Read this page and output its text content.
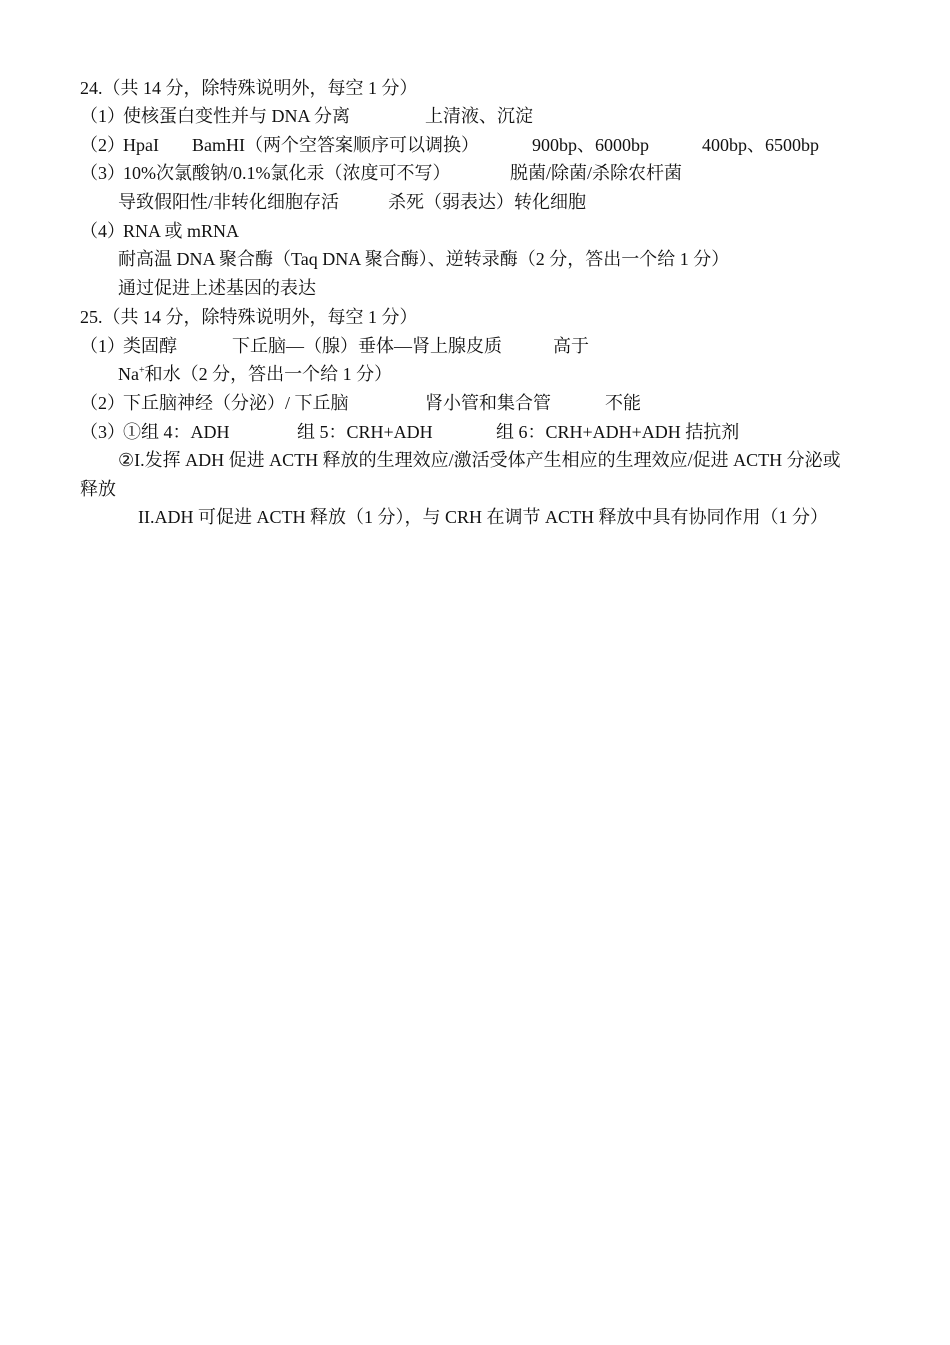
24.（共 14 分，除特殊说明外，每空 1 分）
（1）
使核蛋白变性并与 DNA 分离	上清液、沉淀
（2）
HpaI BamHI（两个空答案顺序可以调换）	900bp、6000bp	400bp、6500bp
（3）
10%次氯酸钠/0.1%氯化汞（浓度可不写）	脱菌/除菌/杀除农杆菌
导致假阳性/非转化细胞存活	杀死（弱表达）转化细胞
（4）
RNA 或 mRNA
耐高温 DNA 聚合酶（Taq DNA 聚合酶）、逆转录酶（2 分，答出一个给 1 分）
通过促进上述基因的表达
25.（共 14 分，除特殊说明外，每空 1 分）
（1）
类固醇	下丘脑—（腺）垂体—肾上腺皮质	高于
Na+和水（2 分，答出一个给 1 分）
（2）
下丘脑神经（分泌）/ 下丘脑	肾小管和集合管	不能
（3）
①组 4：ADH	组 5：CRH+ADH	组 6：CRH+ADH+ADH 拮抗剂
②I.发挥 ADH 促进 ACTH 释放的生理效应/激活受体产生相应的生理效应/促进 ACTH 分泌或
释放
II.ADH 可促进 ACTH 释放（1 分），与 CRH 在调节 ACTH 释放中具有协同作用（1 分）
